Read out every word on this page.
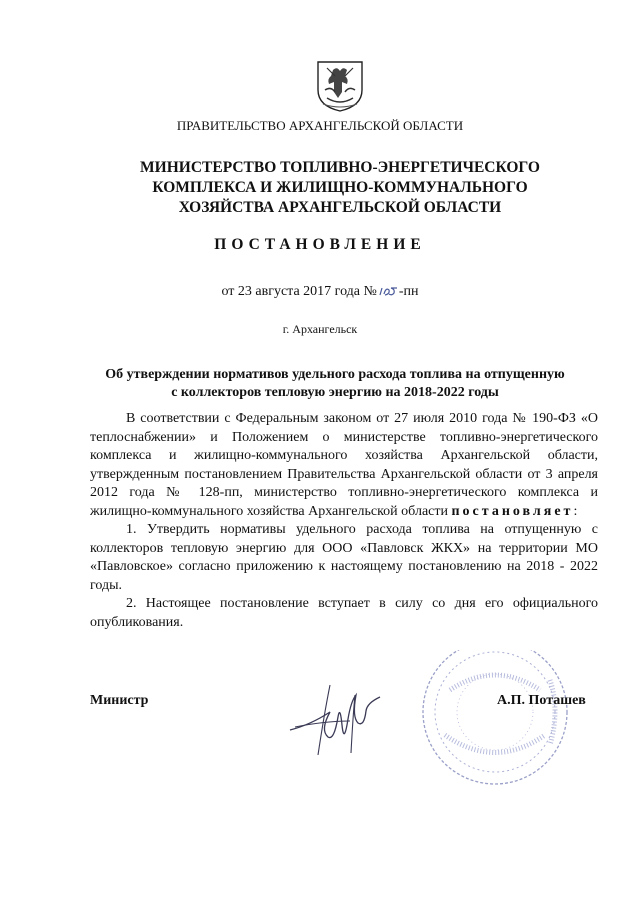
ПРАВИТЕЛЬСТВО АРХАНГЕЛЬСКОЙ ОБЛАСТИ
МИНИСТЕРСТВО ТОПЛИВНО-ЭНЕРГЕТИЧЕСКОГО
КОМПЛЕКСА И ЖИЛИЩНО-КОММУНАЛЬНОГО
ХОЗЯЙСТВА АРХАНГЕЛЬСКОЙ ОБЛАСТИ
ПОСТАНОВЛЕНИЕ
от 23 августа 2017 года № -пн
г. Архангельск
Об утверждении нормативов удельного расхода топлива на отпущенную
с коллекторов тепловую энергию на 2018-2022 годы

В соответствии с Федеральным законом от 27 июля 2010 года № 190-ФЗ «О теплоснабжении» и Положением о министерстве топливно-энергетического комплекса и жилищно-коммунального хозяйства Архангельской области, утвержденным постановлением Правительства Архангельской области от 3 апреля 2012 года № 128-пп, министерство топливно-энергетического комплекса и жилищно-коммунального хозяйства Архангельской области постановляет:

1. Утвердить нормативы удельного расхода топлива на отпущенную с коллекторов тепловую энергию для ООО «Павловск ЖКХ» на территории МО «Павловское» согласно приложению к настоящему постановлению на 2018 - 2022 годы.

2. Настоящее постановление вступает в силу со дня его официального опубликования.

Министр	А.П. Поташев
